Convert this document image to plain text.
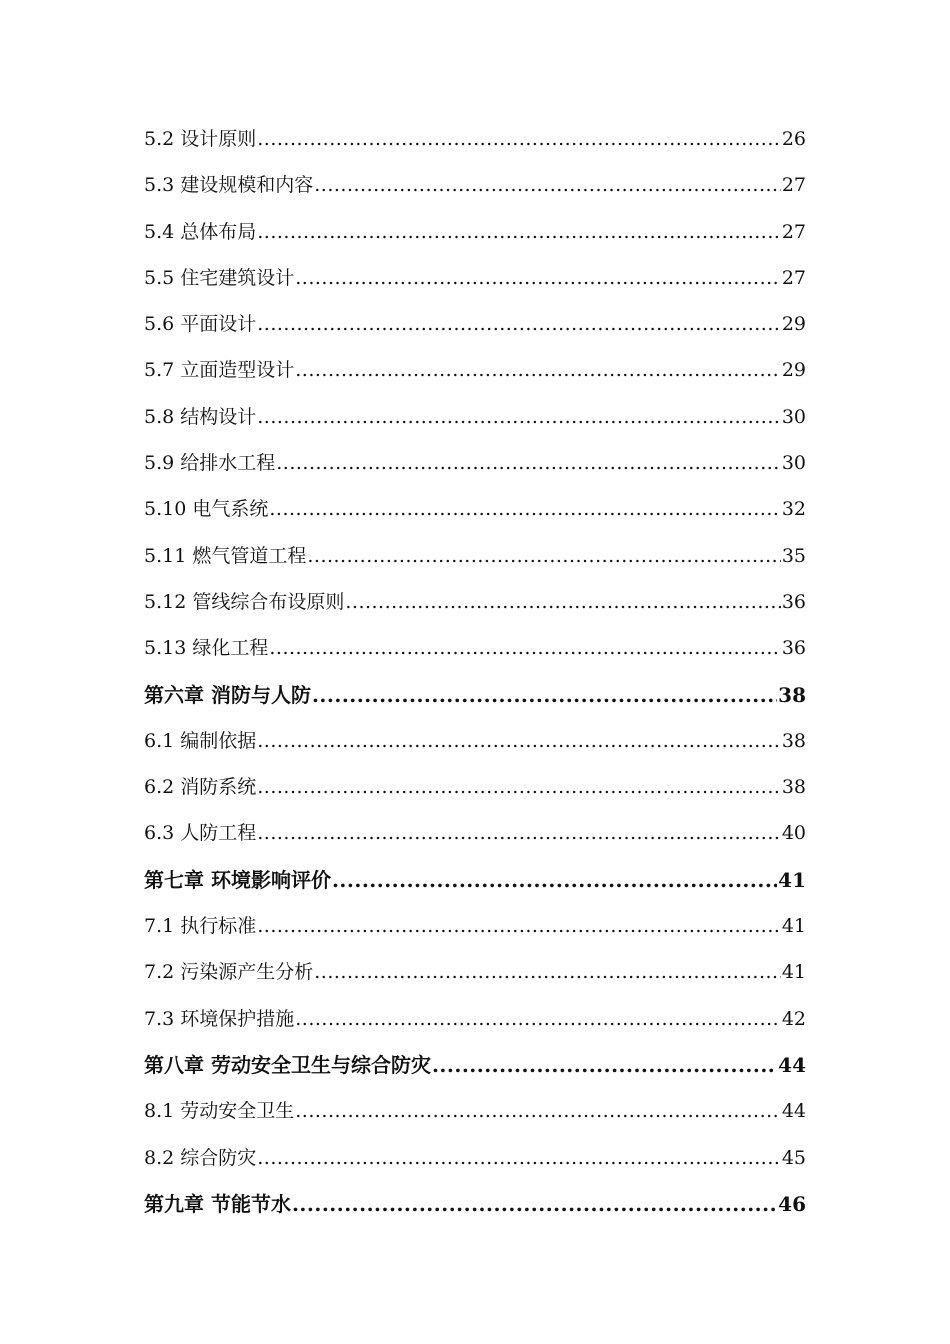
5.2 设计原则 .....	26
5.3 建设规模和内容 .....	27
5.4 总体布局 .....	27
5.5 住宅建筑设计 .....	27
5.6 平面设计 .....	29
5.7 立面造型设计 .....	29
5.8 结构设计 .....	30
5.9 给排水工程 .....	30
5.10 电气系统 .....	32
5.11 燃气管道工程 .....	35
5.12 管线综合布设原则 .....	36
5.13 绿化工程 .....	36
第六章 消防与人防 .....	38
6.1 编制依据 .....	38
6.2 消防系统 .....	38
6.3 人防工程 .....	40
第七章 环境影响评价 .....	41
7.1 执行标准 .....	41
7.2 污染源产生分析 .....	41
7.3 环境保护措施 .....	42
第八章 劳动安全卫生与综合防灾 .....	44
8.1 劳动安全卫生 .....	44
8.2 综合防灾 .....	45
第九章 节能节水 .....	46
